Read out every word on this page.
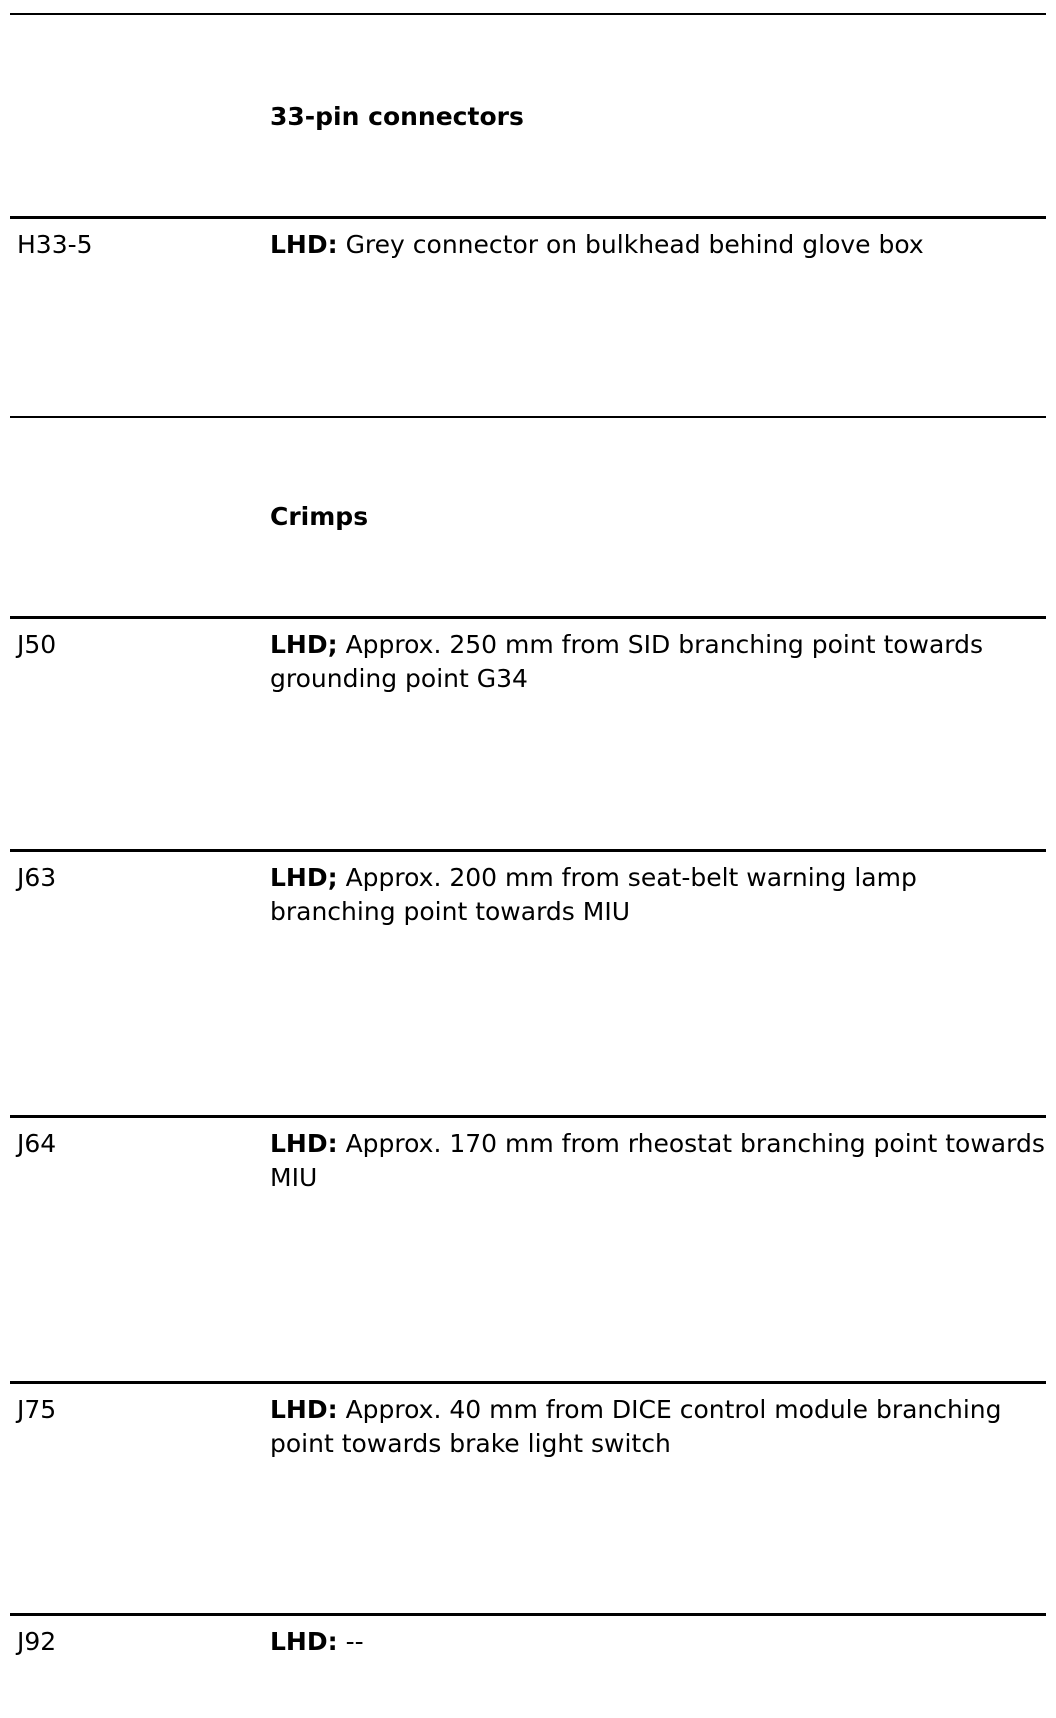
33-pin connectors
H33-5	LHD: Grey connector on bulkhead behind glove box
Crimps
J50	LHD; Approx. 250 mm from SID branching point towards grounding point G34
J63	LHD; Approx. 200 mm from seat-belt warning lamp branching point towards MIU
J64	LHD: Approx. 170 mm from rheostat branching point towards MIU
J75	LHD: Approx. 40 mm from DICE control module branching point towards brake light switch
J92	LHD: --
